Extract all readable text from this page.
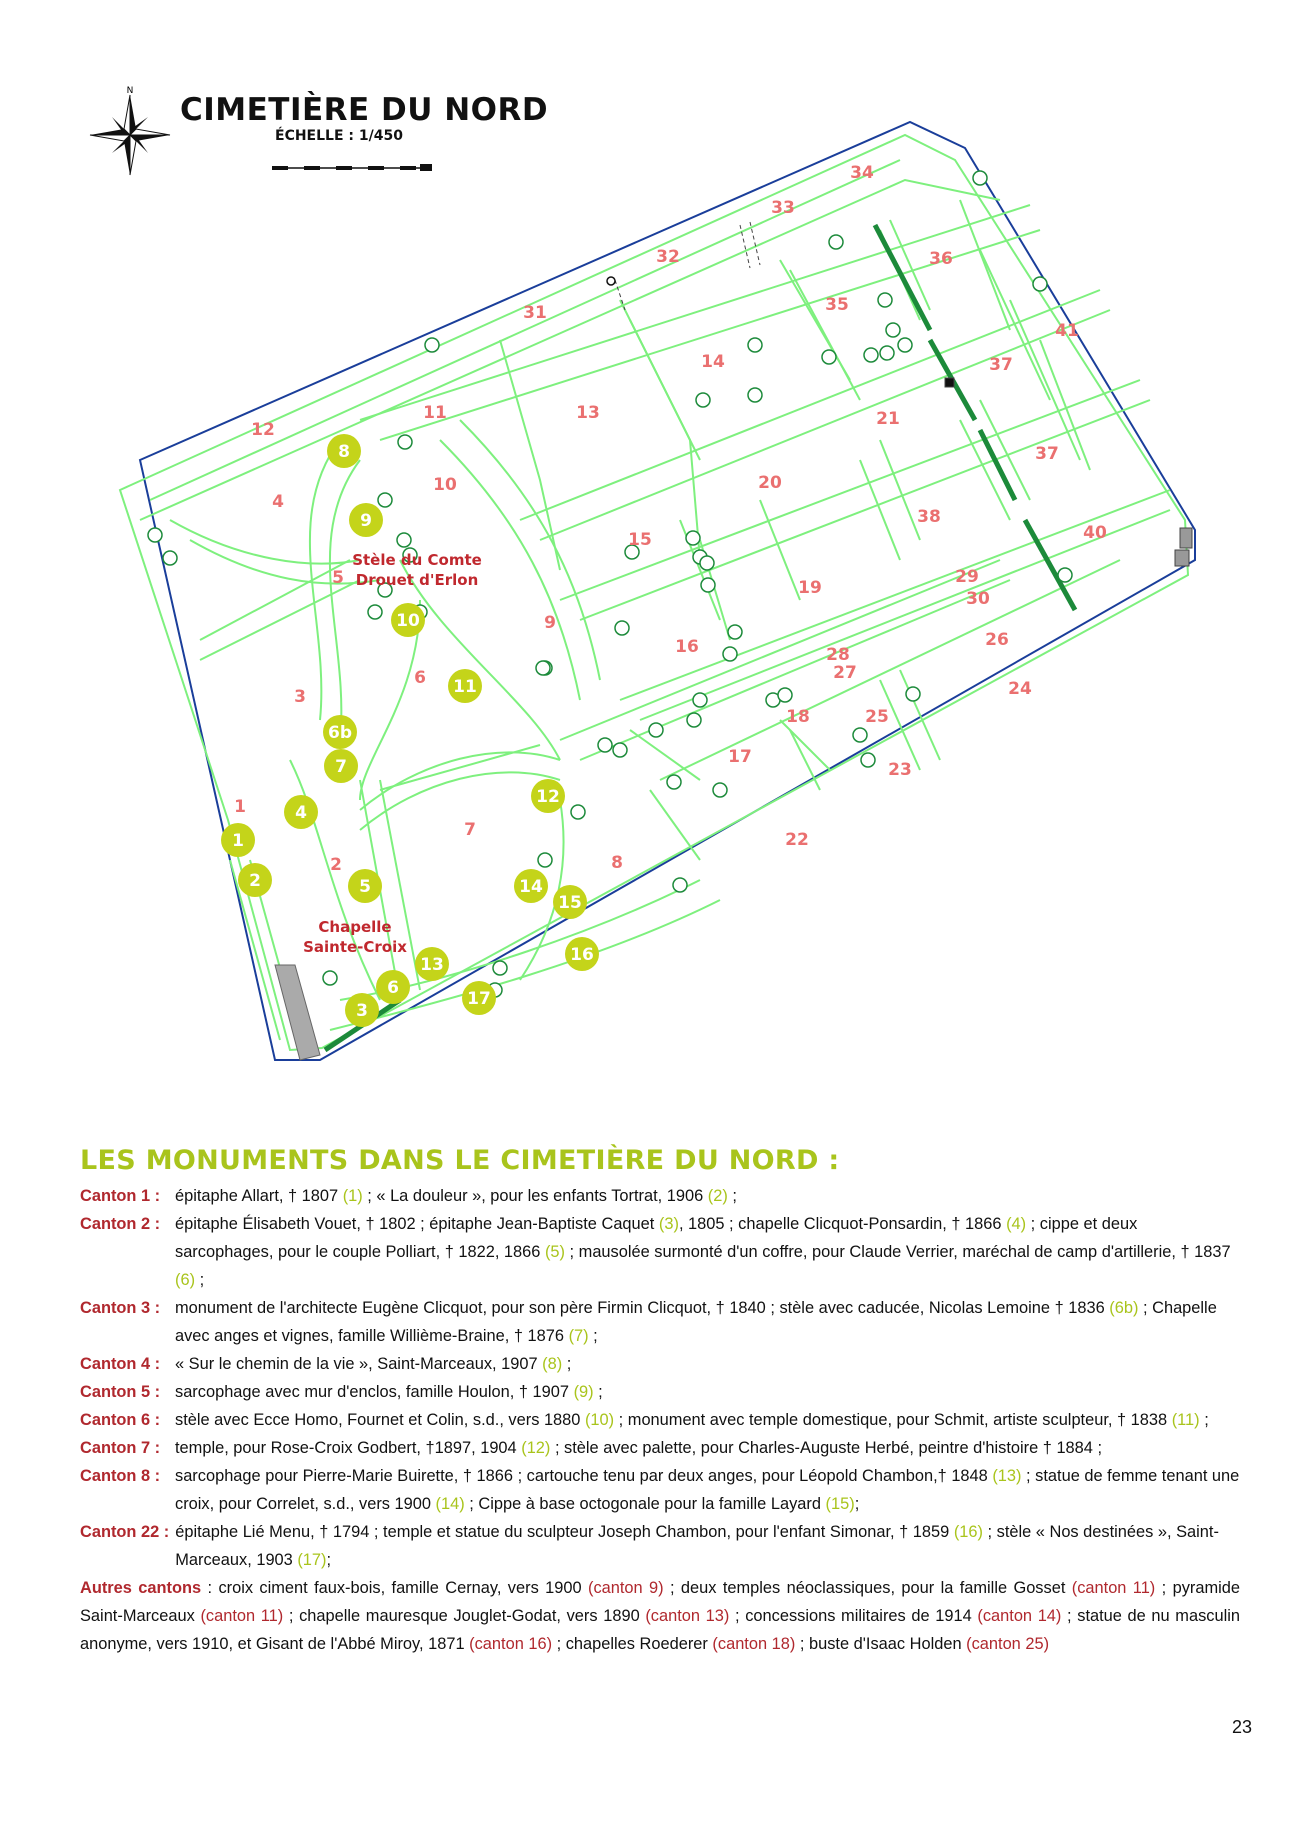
N
1
2
3
4
5
6
7
8
9
10
11
12
13
14
15
16
17
18
19
20
21
22
23
24
25
26
27
28
29
30
31
32
33
34
35
36
37
37
38
40
41
1
2
3
4
5
6
6b
7
8
9
10
11
12
13
14
15
16
17
Stèle du Comte
Drouet d'Erlon
Chapelle
Sainte-Croix
CIMETIÈRE DU NORD
ÉCHELLE : 1/450
LES MONUMENTS DANS LE CIMETIÈRE DU NORD :
Canton 1 : épitaphe Allart, † 1807 (1) ; « La douleur », pour les enfants Tortrat, 1906 (2) ;
Canton 2 : épitaphe Élisabeth Vouet, † 1802 ; épitaphe Jean-Baptiste Caquet (3), 1805 ; chapelle Clicquot-Ponsardin, † 1866 (4) ; cippe et deux sarcophages, pour le couple Polliart, † 1822, 1866 (5) ; mausolée surmonté d'un coffre, pour Claude Verrier, maréchal de camp d'artillerie, † 1837 (6) ;
Canton 3 : monument de l'architecte Eugène Clicquot, pour son père Firmin Clicquot, † 1840 ; stèle avec caducée, Nicolas Lemoine † 1836 (6b) ; Chapelle avec anges et vignes, famille Willième-Braine, † 1876 (7) ;
Canton 4 : « Sur le chemin de la vie », Saint-Marceaux, 1907 (8) ;
Canton 5 : sarcophage avec mur d'enclos, famille Houlon, † 1907 (9) ;
Canton 6 : stèle avec Ecce Homo, Fournet et Colin, s.d., vers 1880 (10) ; monument avec temple domestique, pour Schmit, artiste sculpteur, † 1838 (11) ;
Canton 7 : temple, pour Rose-Croix Godbert, †1897, 1904 (12) ; stèle avec palette, pour Charles-Auguste Herbé, peintre d'histoire † 1884 ;
Canton 8 : sarcophage pour Pierre-Marie Buirette, † 1866 ; cartouche tenu par deux anges, pour Léopold Chambon,† 1848 (13) ; statue de femme tenant une croix, pour Correlet, s.d., vers 1900 (14) ; Cippe à base octogonale pour la famille Layard (15);
Canton 22 : épitaphe Lié Menu, † 1794 ; temple et statue du sculpteur Joseph Chambon, pour l'enfant Simonar, † 1859 (16) ; stèle « Nos destinées », Saint-Marceaux, 1903 (17);
Autres cantons : croix ciment faux-bois, famille Cernay, vers 1900 (canton 9) ; deux temples néoclassiques, pour la famille Gosset (canton 11) ; pyramide Saint-Marceaux (canton 11) ; chapelle mauresque Jouglet-Godat, vers 1890 (canton 13) ; concessions militaires de 1914 (canton 14) ; statue de nu masculin anonyme, vers 1910, et Gisant de l'Abbé Miroy, 1871 (canton 16) ; chapelles Roederer (canton 18) ; buste d'Isaac Holden (canton 25)
23
